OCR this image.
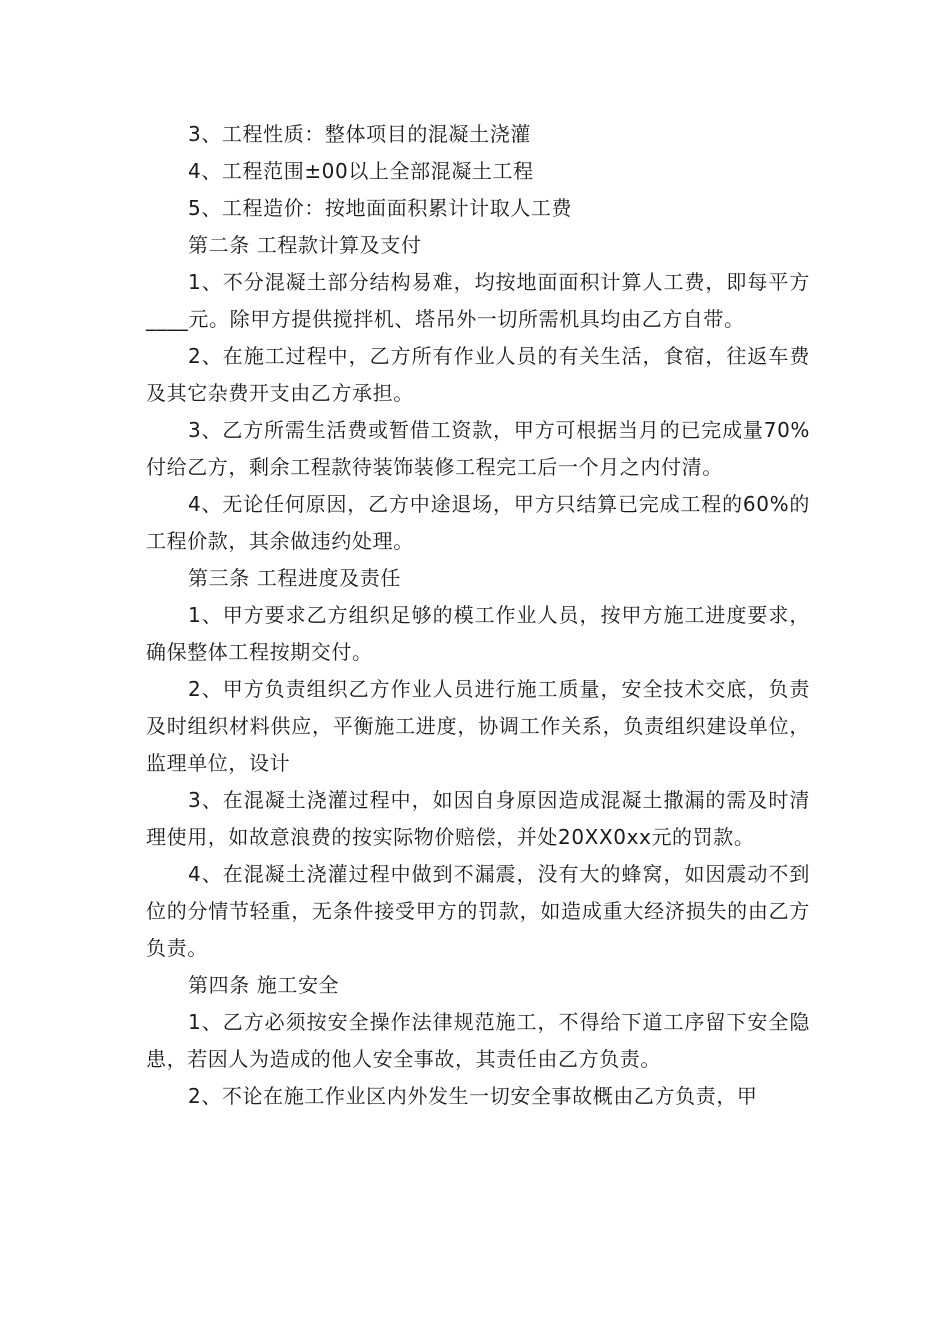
3、工程性质：整体项目的混凝土浇灌

4、工程范围±00以上全部混凝土工程

5、工程造价：按地面面积累计计取人工费

第二条 工程款计算及支付

1、不分混凝土部分结构易难，均按地面面积计算人工费，即每平方____元。除甲方提供搅拌机、塔吊外一切所需机具均由乙方自带。

2、在施工过程中，乙方所有作业人员的有关生活，食宿，往返车费及其它杂费开支由乙方承担。

3、乙方所需生活费或暂借工资款，甲方可根据当月的已完成量70%付给乙方，剩余工程款待装饰装修工程完工后一个月之内付清。

4、无论任何原因，乙方中途退场，甲方只结算已完成工程的60%的工程价款，其余做违约处理。

第三条 工程进度及责任

1、甲方要求乙方组织足够的模工作业人员，按甲方施工进度要求，确保整体工程按期交付。

2、甲方负责组织乙方作业人员进行施工质量，安全技术交底，负责及时组织材料供应，平衡施工进度，协调工作关系，负责组织建设单位，监理单位，设计

3、在混凝土浇灌过程中，如因自身原因造成混凝土撒漏的需及时清理使用，如故意浪费的按实际物价赔偿，并处20XX0xx元的罚款。

4、在混凝土浇灌过程中做到不漏震，没有大的蜂窝，如因震动不到位的分情节轻重，无条件接受甲方的罚款，如造成重大经济损失的由乙方负责。

第四条 施工安全

1、乙方必须按安全操作法律规范施工，不得给下道工序留下安全隐患，若因人为造成的他人安全事故，其责任由乙方负责。

2、不论在施工作业区内外发生一切安全事故概由乙方负责，甲
